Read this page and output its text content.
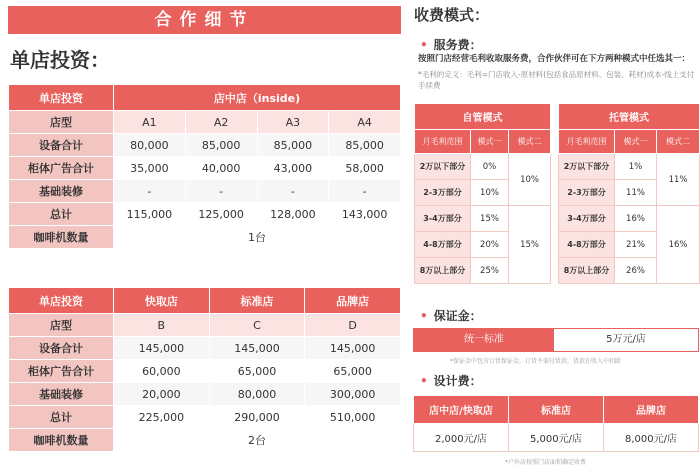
合作细节
单店投资：
单店投资	店中店（inside)			
店型	A1	A2	A3	A4
设备合计	80,000	85,000	85,000	85,000
柜体广告合计	35,000	40,000	43,000	58,000
基础装修	-	-	-	-
总计	115,000	125,000	128,000	143,000
咖啡机数量	1台			
单店投资	快取店	标准店	品牌店
店型	B	C	D
设备合计	145,000	145,000	145,000
柜体广告合计	60,000	65,000	65,000
基础装修	20,000	80,000	300,000
总计	225,000	290,000	510,000
咖啡机数量	2台		
收费模式：
• 服务费：
按照门店经营毛利收取服务费，合作伙伴可在下方两种模式中任选其一：
*毛利的定义：毛利=门店收入-原材料(包括食品原材料、包装、耗材)成本-线上支付手续费
自管模式		
月毛利范围	模式一	模式二
2万以下部分	0%	10%
2-3万部分	10%	
3-4万部分	15%	15%
4-8万部分	20%	
8万以上部分	25%	
托管模式		
月毛利范围	模式一	模式二
2万以下部分	1%	11%
2-3万部分	11%	
3-4万部分	16%	16%
4-8万部分	21%	
8万以上部分	26%	
• 保证金：
统一标准	5万元/店
*保证金中包含订货保证金，订货不需付货款，货款在收入中扣除
• 设计费：
店中店/快取店	标准店	品牌店
2,000元/店	5,000元/店	8,000元/店
*户外店按照门店面积确定收费
